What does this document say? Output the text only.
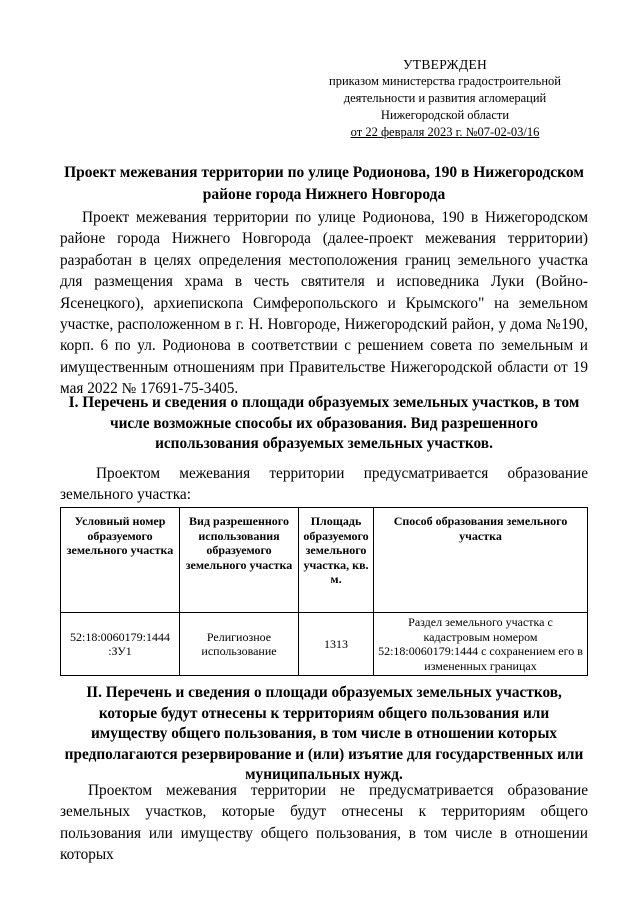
УТВЕРЖДЕН
приказом министерства градостроительной
деятельности и развития агломераций
Нижегородской области
от 22 февраля 2023 г. №07-02-03/16
Проект межевания территории по улице Родионова, 190 в Нижегородском
районе города Нижнего Новгорода
Проект межевания территории по улице Родионова, 190 в Нижегородском районе города Нижнего Новгорода (далее-проект межевания территории) разработан в целях определения местоположения границ земельного участка для размещения храма в честь святителя и исповедника Луки (Войно-Ясенецкого), архиепископа Симферопольского и Крымского" на земельном участке, расположенном в г. Н. Новгороде, Нижегородский район, у дома №190, корп. 6 по ул. Родионова в соответствии с решением совета по земельным и имущественным отношениям при Правительстве Нижегородской области от 19 мая 2022 № 17691-75-3405.
I. Перечень и сведения о площади образуемых земельных участков, в том числе возможные способы их образования. Вид разрешенного использования образуемых земельных участков.
Проектом межевания территории предусматривается образование земельного участка:
Условный номер образуемого земельного участка	Вид разрешенного использования образуемого земельного участка	Площадь образуемого земельного участка, кв. м.	Способ образования земельного участка
52:18:0060179:1444 :ЗУ1	Религиозное использование	1313	Раздел земельного участка с кадастровым номером 52:18:0060179:1444 с сохранением его в измененных границах
II. Перечень и сведения о площади образуемых земельных участков, которые будут отнесены к территориям общего пользования или имуществу общего пользования, в том числе в отношении которых предполагаются резервирование и (или) изъятие для государственных или муниципальных нужд.
Проектом межевания территории не предусматривается образование земельных участков, которые будут отнесены к территориям общего пользования или имуществу общего пользования, в том числе в отношении которых
